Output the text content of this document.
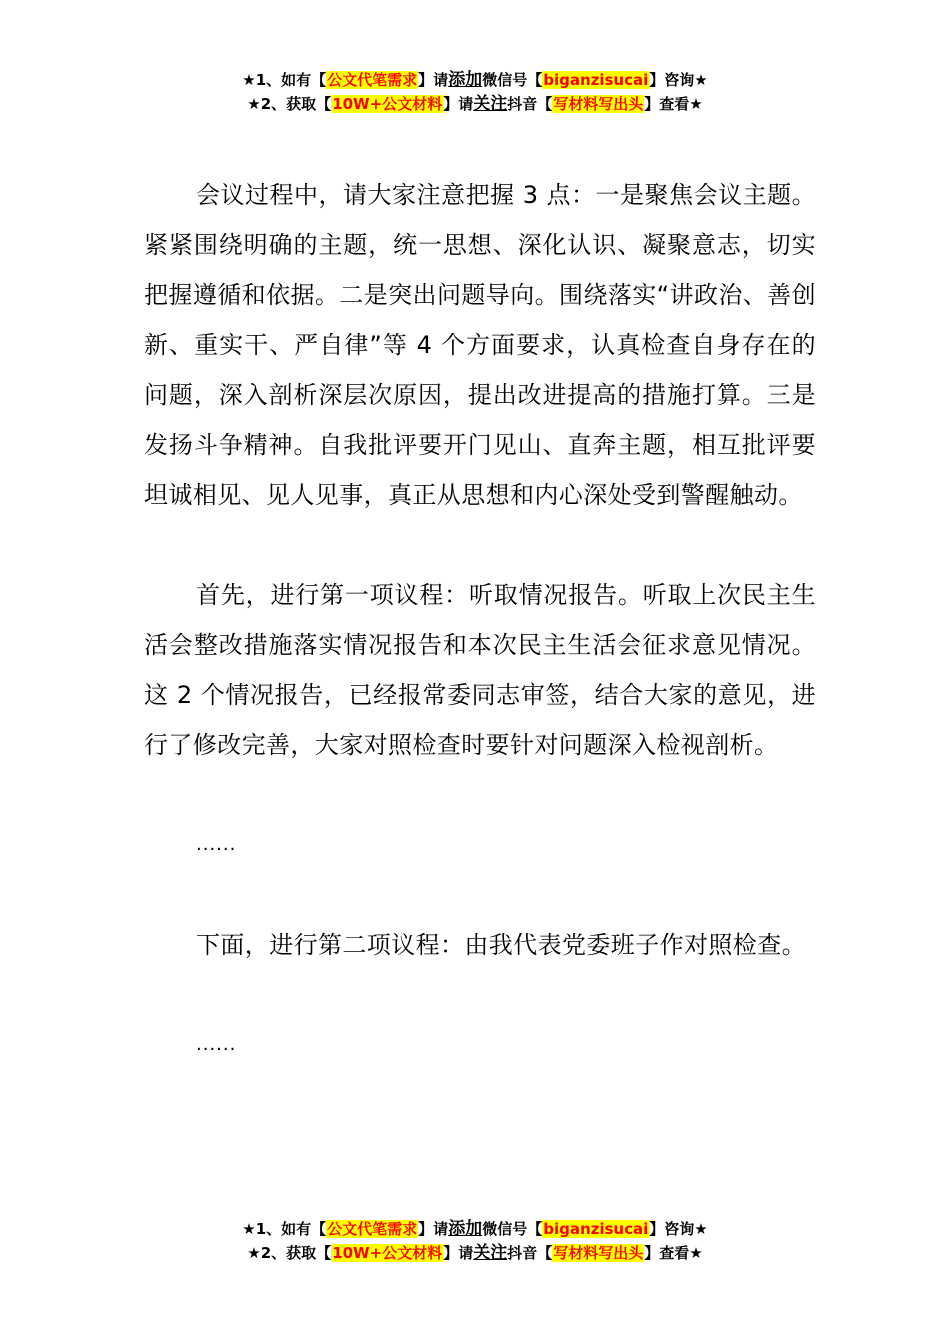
★1、如有【公文代笔需求】请添加微信号【biganzisucai】咨询★
★2、获取【10W+公文材料】请关注抖音【写材料写出头】查看★

会议过程中，请大家注意把握 3 点：一是聚焦会议主题。紧紧围绕明确的主题，统一思想、深化认识、凝聚意志，切实把握遵循和依据。二是突出问题导向。围绕落实“讲政治、善创新、重实干、严自律”等 4 个方面要求，认真检查自身存在的问题，深入剖析深层次原因，提出改进提高的措施打算。三是发扬斗争精神。自我批评要开门见山、直奔主题，相互批评要坦诚相见、见人见事，真正从思想和内心深处受到警醒触动。

首先，进行第一项议程：听取情况报告。听取上次民主生活会整改措施落实情况报告和本次民主生活会征求意见情况。这 2 个情况报告，已经报常委同志审签，结合大家的意见，进行了修改完善，大家对照检查时要针对问题深入检视剖析。

......

下面，进行第二项议程：由我代表党委班子作对照检查。

......

★1、如有【公文代笔需求】请添加微信号【biganzisucai】咨询★
★2、获取【10W+公文材料】请关注抖音【写材料写出头】查看★
